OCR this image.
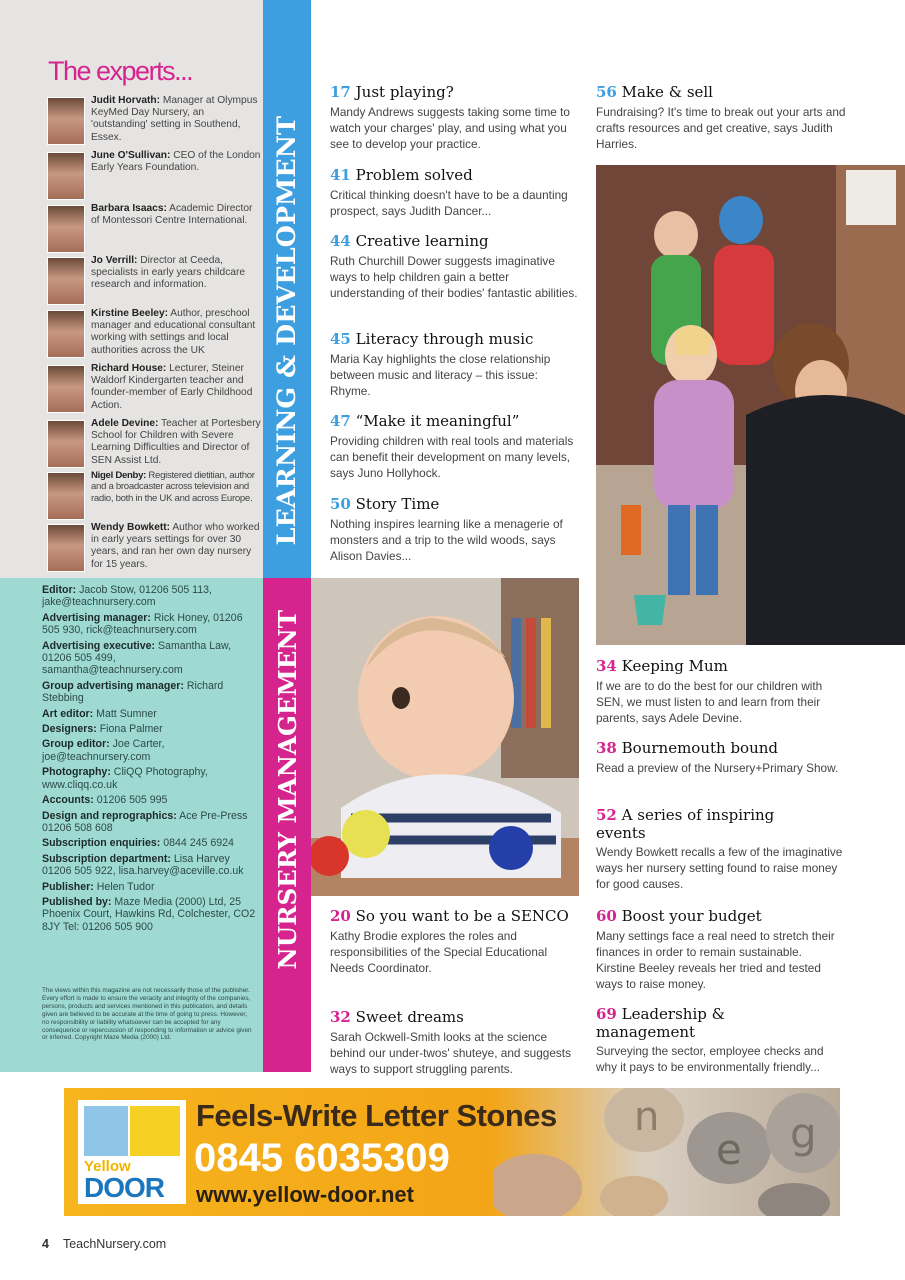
The experts...
Judit Horvath: Manager at Olympus KeyMed Day Nursery, an 'outstanding' setting in Southend, Essex.
June O'Sullivan: CEO of the London Early Years Foundation.
Barbara Isaacs: Academic Director of Montessori Centre International.
Jo Verrill: Director at Ceeda, specialists in early years childcare research and information.
Kirstine Beeley: Author, preschool manager and educational consultant working with settings and local authorities across the UK
Richard House: Lecturer, Steiner Waldorf Kindergarten teacher and founder-member of Early Childhood Action.
Adele Devine: Teacher at Portesbery School for Children with Severe Learning Difficulties and Director of SEN Assist Ltd.
Nigel Denby: Registered dietitian, author and a broadcaster across television and radio, both in the UK and across Europe.
Wendy Bowkett: Author who worked in early years settings for over 30 years, and ran her own day nursery for 15 years.
Editor: Jacob Stow, 01206 505 113, jake@teachnursery.com
Advertising manager: Rick Honey, 01206 505 930, rick@teachnursery.com
Advertising executive: Samantha Law, 01206 505 499, samantha@teachnursery.com
Group advertising manager: Richard Stebbing
Art editor: Matt Sumner
Designers: Fiona Palmer
Group editor: Joe Carter, joe@teachnursery.com
Photography: CliQQ Photography, www.cliqq.co.uk
Accounts: 01206 505 995
Design and reprographics: Ace Pre-Press 01206 508 608
Subscription enquiries: 0844 245 6924
Subscription department: Lisa Harvey 01206 505 922, lisa.harvey@aceville.co.uk
Publisher: Helen Tudor
Published by: Maze Media (2000) Ltd, 25 Phoenix Court, Hawkins Rd, Colchester, CO2 8JY Tel: 01206 505 900
The views within this magazine are not necessarily those of the publisher. Every effort is made to ensure the veracity and integrity of the companies, persons, products and services mentioned in this publication, and details given are believed to be accurate at the time of going to press. However, no responsibility or liability whatsoever can be accepted for any consequence or repercussion of responding to information or advice given or inferred. Copyright Maze Media (2000) Ltd.
LEARNING & DEVELOPMENT
NURSERY MANAGEMENT
17 Just playing?
Mandy Andrews suggests taking some time to watch your charges' play, and using what you see to develop your practice.
41 Problem solved
Critical thinking doesn't have to be a daunting prospect, says Judith Dancer...
44 Creative learning
Ruth Churchill Dower suggests imaginative ways to help children gain a better understanding of their bodies' fantastic abilities.
45 Literacy through music
Maria Kay highlights the close relationship between music and literacy – this issue: Rhyme.
47 “Make it meaningful”
Providing children with real tools and materials can benefit their development on many levels, says Juno Hollyhock.
50 Story Time
Nothing inspires learning like a menagerie of monsters and a trip to the wild woods, says Alison Davies...
56 Make & sell
Fundraising? It's time to break out your arts and crafts resources and get creative, says Judith Harries.
20 So you want to be a SENCO
Kathy Brodie explores the roles and responsibilities of the Special Educational Needs Coordinator.
32 Sweet dreams
Sarah Ockwell-Smith looks at the science behind our under-twos' shuteye, and suggests ways to support struggling parents.
34 Keeping Mum
If we are to do the best for our children with SEN, we must listen to and learn from their parents, says Adele Devine.
38 Bournemouth bound
Read a preview of the Nursery+Primary Show.
52 A series of inspiring events
Wendy Bowkett recalls a few of the imaginative ways her nursery setting found to raise money for good causes.
60 Boost your budget
Many settings face a real need to stretch their finances in order to remain sustainable. Kirstine Beeley reveals her tried and tested ways to raise money.
69 Leadership & management
Surveying the sector, employee checks and why it pays to be environmentally friendly...
n
e g
Yellow
DOOR
Feels-Write Letter Stones
0845 6035309
www.yellow-door.net
4 TeachNursery.com
